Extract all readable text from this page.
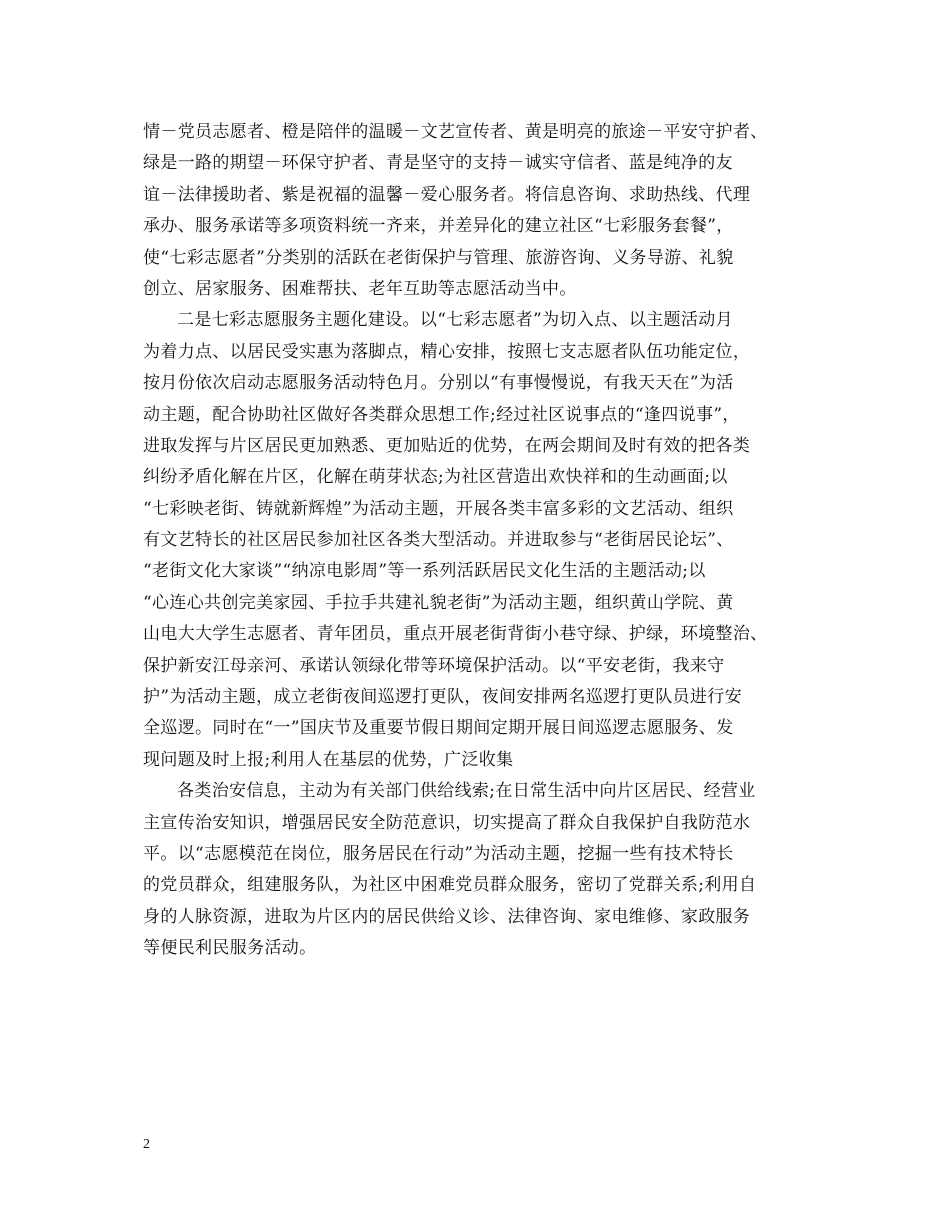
情－党员志愿者、橙是陪伴的温暖－文艺宣传者、黄是明亮的旅途－平安守护者、
绿是一路的期望－环保守护者、青是坚守的支持－诚实守信者、蓝是纯净的友
谊－法律援助者、紫是祝福的温馨－爱心服务者。将信息咨询、求助热线、代理
承办、服务承诺等多项资料统一齐来，并差异化的建立社区“七彩服务套餐”，
使“七彩志愿者”分类别的活跃在老街保护与管理、旅游咨询、义务导游、礼貌
创立、居家服务、困难帮扶、老年互助等志愿活动当中。
二是七彩志愿服务主题化建设。以“七彩志愿者”为切入点、以主题活动月
为着力点、以居民受实惠为落脚点，精心安排，按照七支志愿者队伍功能定位，
按月份依次启动志愿服务活动特色月。分别以“有事慢慢说，有我天天在”为活
动主题，配合协助社区做好各类群众思想工作;经过社区说事点的“逢四说事”，
进取发挥与片区居民更加熟悉、更加贴近的优势，在两会期间及时有效的把各类
纠纷矛盾化解在片区，化解在萌芽状态;为社区营造出欢快祥和的生动画面;以
“七彩映老街、铸就新辉煌”为活动主题，开展各类丰富多彩的文艺活动、组织
有文艺特长的社区居民参加社区各类大型活动。并进取参与“老街居民论坛”、
“老街文化大家谈”“纳凉电影周”等一系列活跃居民文化生活的主题活动;以
“心连心共创完美家园、手拉手共建礼貌老街”为活动主题，组织黄山学院、黄
山电大大学生志愿者、青年团员，重点开展老街背街小巷守绿、护绿，环境整治、
保护新安江母亲河、承诺认领绿化带等环境保护活动。以“平安老街，我来守
护”为活动主题，成立老街夜间巡逻打更队，夜间安排两名巡逻打更队员进行安
全巡逻。同时在“一”国庆节及重要节假日期间定期开展日间巡逻志愿服务、发
现问题及时上报;利用人在基层的优势，广泛收集
各类治安信息，主动为有关部门供给线索;在日常生活中向片区居民、经营业
主宣传治安知识，增强居民安全防范意识，切实提高了群众自我保护自我防范水
平。以“志愿模范在岗位，服务居民在行动”为活动主题，挖掘一些有技术特长
的党员群众，组建服务队，为社区中困难党员群众服务，密切了党群关系;利用自
身的人脉资源，进取为片区内的居民供给义诊、法律咨询、家电维修、家政服务
等便民利民服务活动。
2
